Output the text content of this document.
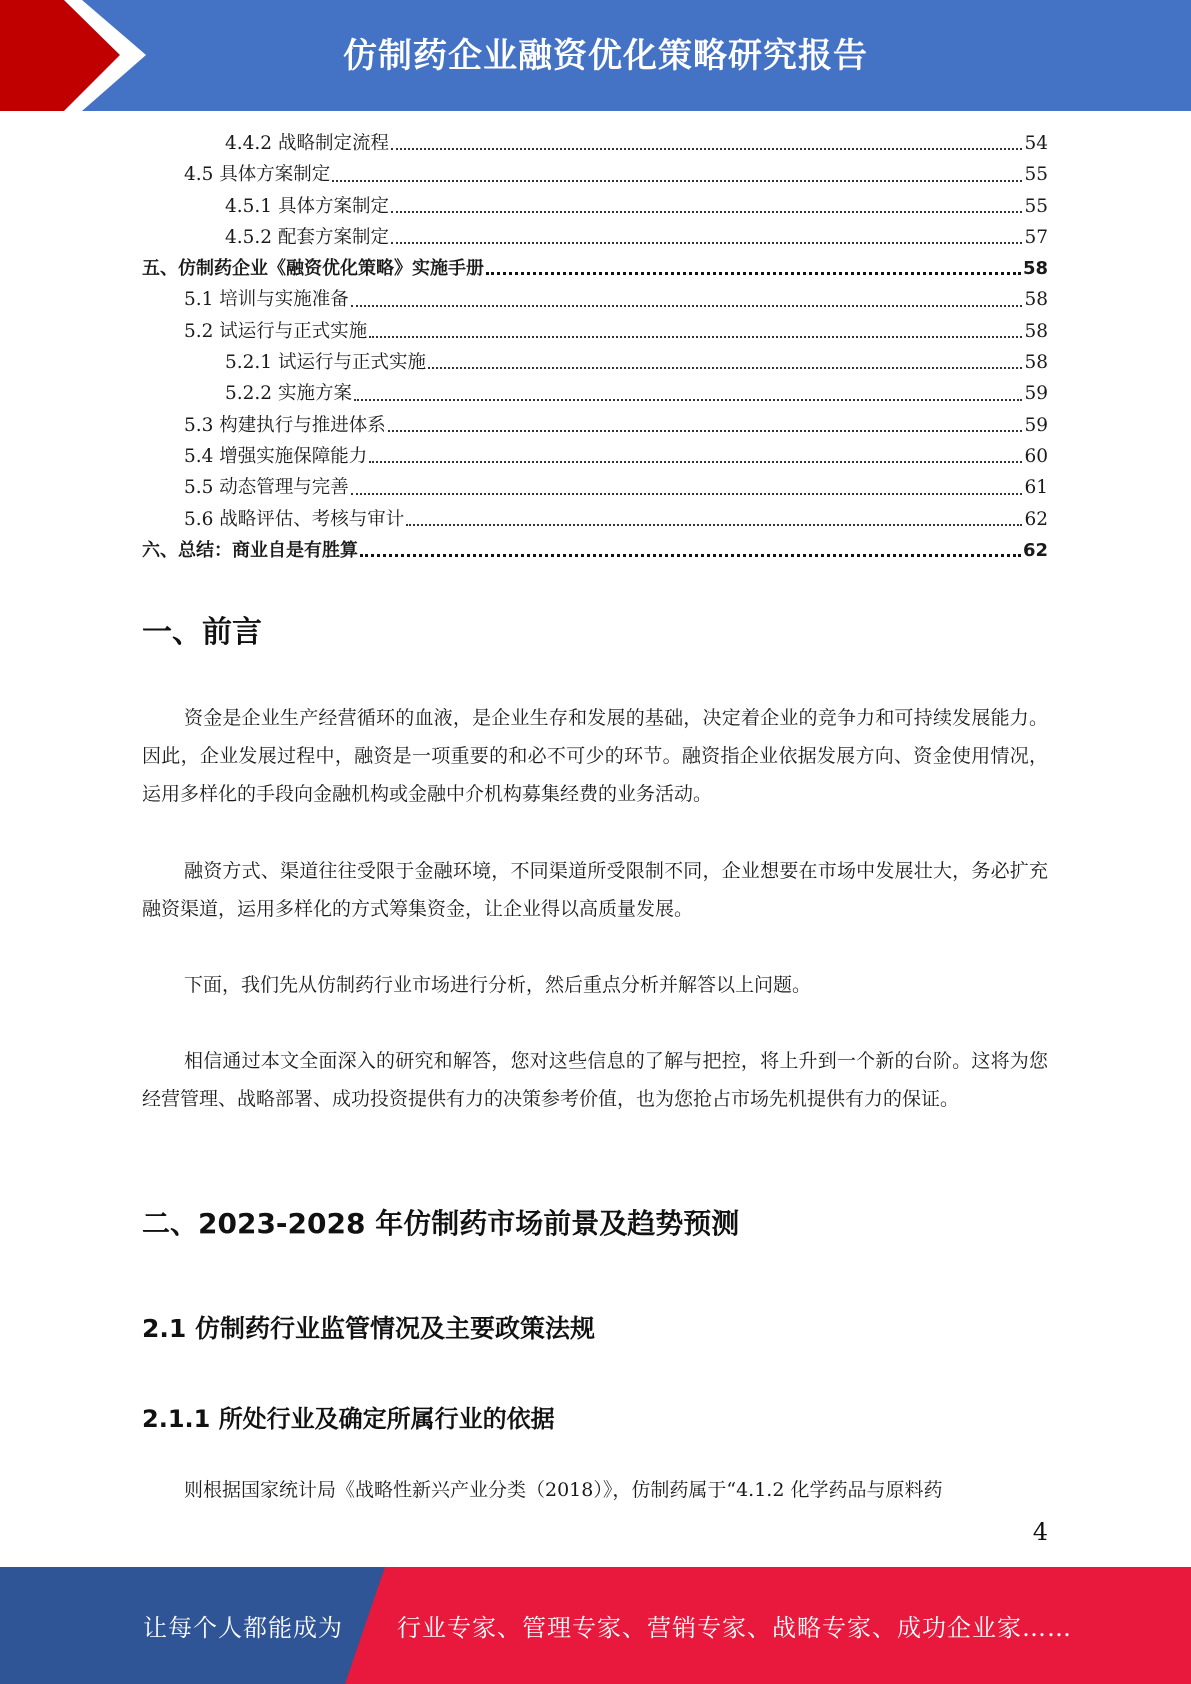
仿制药企业融资优化策略研究报告
4.4.2 战略制定流程	54
4.5 具体方案制定	55
4.5.1 具体方案制定	55
4.5.2 配套方案制定	57
五、仿制药企业《融资优化策略》实施手册	58
5.1 培训与实施准备	58
5.2 试运行与正式实施	58
5.2.1 试运行与正式实施	58
5.2.2 实施方案	59
5.3 构建执行与推进体系	59
5.4 增强实施保障能力	60
5.5 动态管理与完善	61
5.6 战略评估、考核与审计	62
六、总结：商业自是有胜算	62
一、前言

资金是企业生产经营循环的血液，是企业生存和发展的基础，决定着企业的竞争力和可持续发展能力。因此，企业发展过程中，融资是一项重要的和必不可少的环节。融资指企业依据发展方向、资金使用情况，运用多样化的手段向金融机构或金融中介机构募集经费的业务活动。

融资方式、渠道往往受限于金融环境，不同渠道所受限制不同，企业想要在市场中发展壮大，务必扩充融资渠道，运用多样化的方式筹集资金，让企业得以高质量发展。

下面，我们先从仿制药行业市场进行分析，然后重点分析并解答以上问题。

相信通过本文全面深入的研究和解答，您对这些信息的了解与把控，将上升到一个新的台阶。这将为您经营管理、战略部署、成功投资提供有力的决策参考价值，也为您抢占市场先机提供有力的保证。

二、2023-2028 年仿制药市场前景及趋势预测
2.1 仿制药行业监管情况及主要政策法规
2.1.1 所处行业及确定所属行业的依据

则根据国家统计局《战略性新兴产业分类（2018）》，仿制药属于“4.1.2 化学药品与原料药

4
让每个人都能成为 行业专家、管理专家、营销专家、战略专家、成功企业家……
